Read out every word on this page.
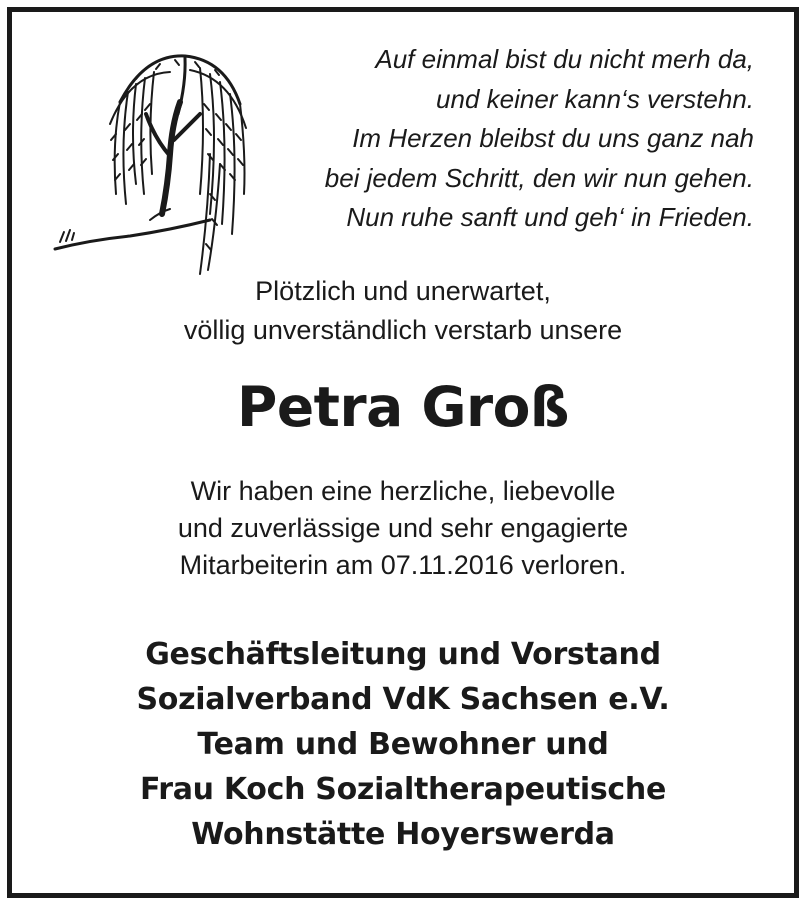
Auf einmal bist du nicht merh da,
und keiner kann‘s verstehn.
Im Herzen bleibst du uns ganz nah
bei jedem Schritt, den wir nun gehen.
Nun ruhe sanft und geh‘ in Frieden.
Plötzlich und unerwartet,
völlig unverständlich verstarb unsere
Petra Groß
Wir haben eine herzliche, liebevolle
und zuverlässige und sehr engagierte
Mitarbeiterin am 07.11.2016 verloren.
Geschäftsleitung und Vorstand
Sozialverband VdK Sachsen e.V.
Team und Bewohner und
Frau Koch Sozialtherapeutische
Wohnstätte Hoyerswerda
